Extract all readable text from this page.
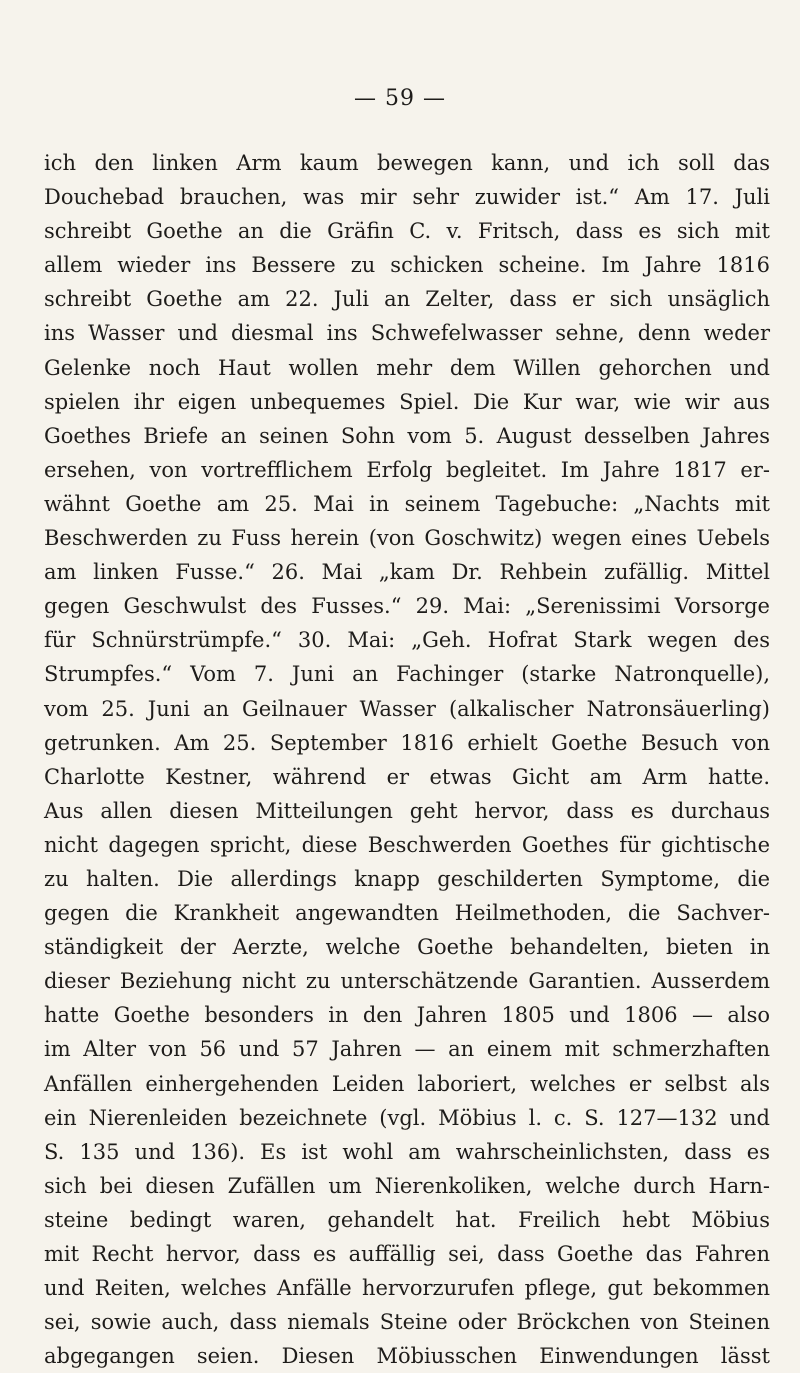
— 59 —
ich den linken Arm kaum bewegen kann, und ich soll das
Douchebad brauchen, was mir sehr zuwider ist.“ Am 17. Juli
schreibt Goethe an die Gräfin C. v. Fritsch, dass es sich mit
allem wieder ins Bessere zu schicken scheine. Im Jahre 1816
schreibt Goethe am 22. Juli an Zelter, dass er sich unsäglich
ins Wasser und diesmal ins Schwefelwasser sehne, denn weder
Gelenke noch Haut wollen mehr dem Willen gehorchen und
spielen ihr eigen unbequemes Spiel. Die Kur war, wie wir aus
Goethes Briefe an seinen Sohn vom 5. August desselben Jahres
ersehen, von vortrefflichem Erfolg begleitet. Im Jahre 1817 er-
wähnt Goethe am 25. Mai in seinem Tagebuche: „Nachts mit
Beschwerden zu Fuss herein (von Goschwitz) wegen eines Uebels
am linken Fusse.“ 26. Mai „kam Dr. Rehbein zufällig. Mittel
gegen Geschwulst des Fusses.“ 29. Mai: „Serenissimi Vorsorge
für Schnürstrümpfe.“ 30. Mai: „Geh. Hofrat Stark wegen des
Strumpfes.“ Vom 7. Juni an Fachinger (starke Natronquelle),
vom 25. Juni an Geilnauer Wasser (alkalischer Natronsäuerling)
getrunken. Am 25. September 1816 erhielt Goethe Besuch von
Charlotte Kestner, während er etwas Gicht am Arm hatte.
Aus allen diesen Mitteilungen geht hervor, dass es durchaus
nicht dagegen spricht, diese Beschwerden Goethes für gichtische
zu halten. Die allerdings knapp geschilderten Symptome, die
gegen die Krankheit angewandten Heilmethoden, die Sachver-
ständigkeit der Aerzte, welche Goethe behandelten, bieten in
dieser Beziehung nicht zu unterschätzende Garantien. Ausserdem
hatte Goethe besonders in den Jahren 1805 und 1806 — also
im Alter von 56 und 57 Jahren — an einem mit schmerzhaften
Anfällen einhergehenden Leiden laboriert, welches er selbst als
ein Nierenleiden bezeichnete (vgl. Möbius l. c. S. 127—132 und
S. 135 und 136). Es ist wohl am wahrscheinlichsten, dass es
sich bei diesen Zufällen um Nierenkoliken, welche durch Harn-
steine bedingt waren, gehandelt hat. Freilich hebt Möbius
mit Recht hervor, dass es auffällig sei, dass Goethe das Fahren
und Reiten, welches Anfälle hervorzurufen pflege, gut bekommen
sei, sowie auch, dass niemals Steine oder Bröckchen von Steinen
abgegangen seien. Diesen Möbiusschen Einwendungen lässt
